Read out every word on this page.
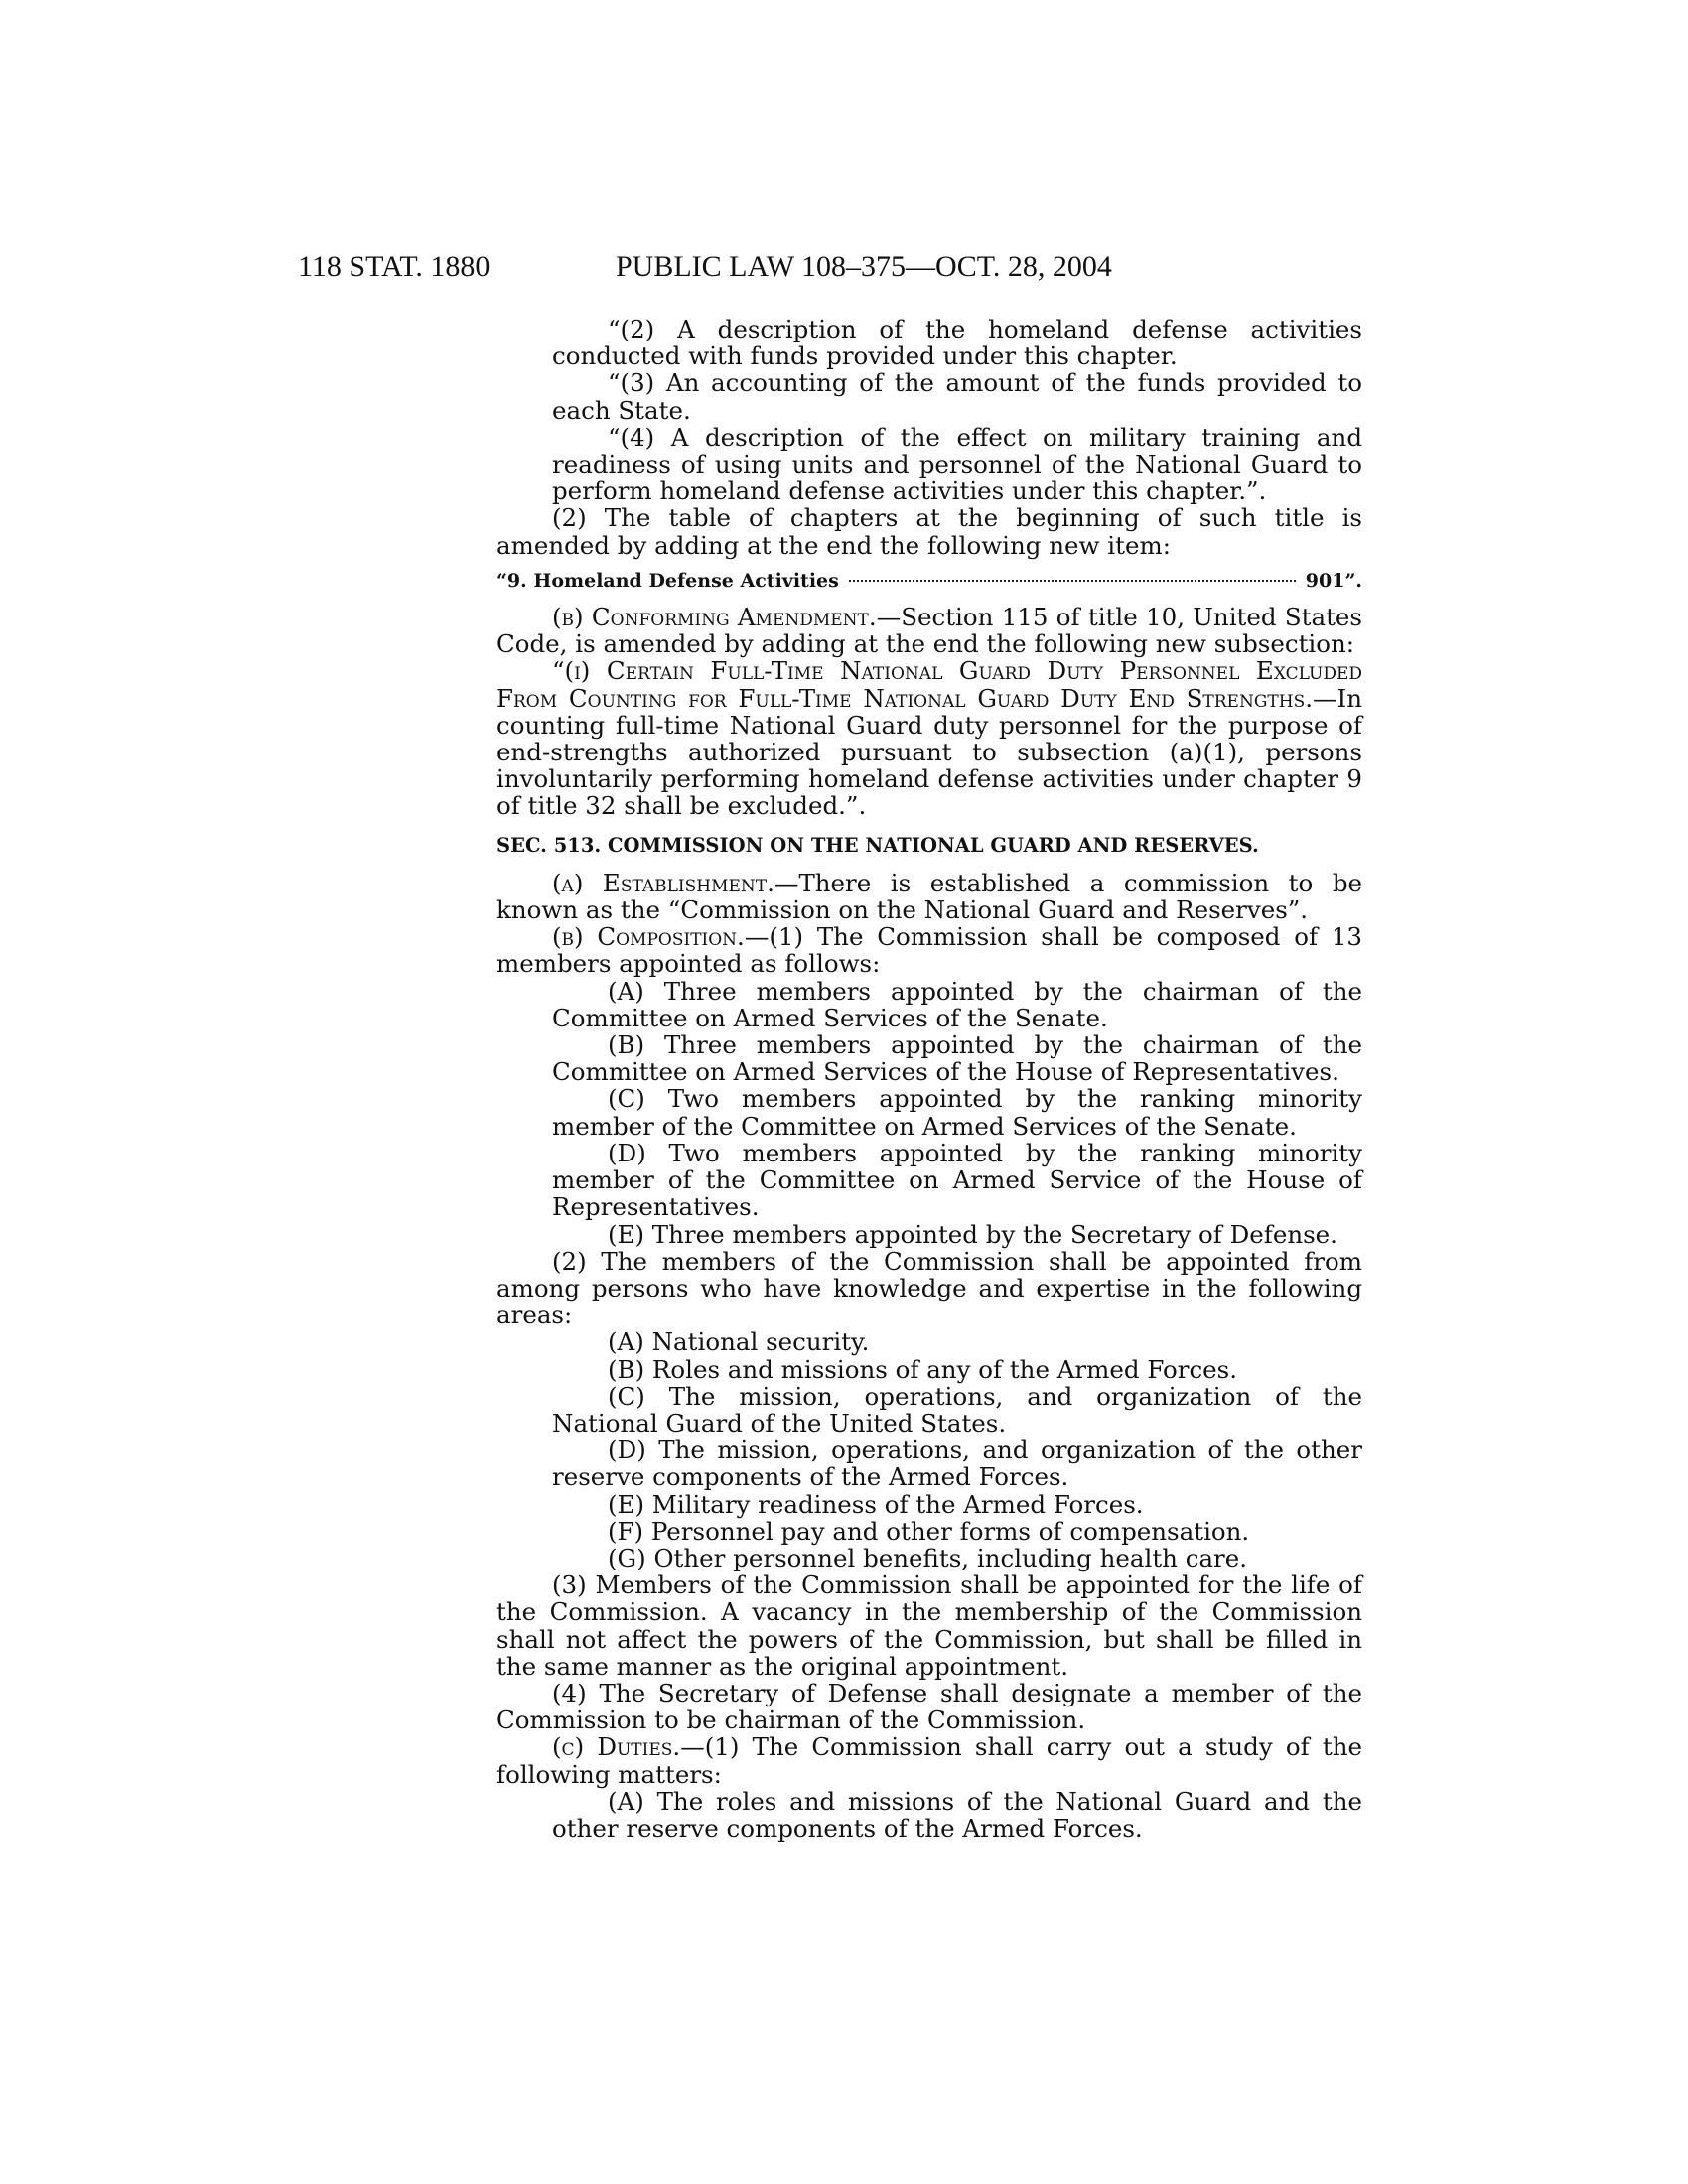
118 STAT. 1880	PUBLIC LAW 108–375—OCT. 28, 2004

“(2) A description of the homeland defense activities conducted with funds provided under this chapter.

“(3) An accounting of the amount of the funds provided to each State.

“(4) A description of the effect on military training and readiness of using units and personnel of the National Guard to perform homeland defense activities under this chapter.”.

(2) The table of chapters at the beginning of such title is amended by adding at the end the following new item:

“9. Homeland Defense Activities	901”.

(b) Conforming Amendment.—Section 115 of title 10, United States Code, is amended by adding at the end the following new subsection:

“(i) Certain Full-Time National Guard Duty Personnel Excluded From Counting for Full-Time National Guard Duty End Strengths.—In counting full-time National Guard duty personnel for the purpose of end-strengths authorized pursuant to subsection (a)(1), persons involuntarily performing homeland defense activities under chapter 9 of title 32 shall be excluded.”.

SEC. 513. COMMISSION ON THE NATIONAL GUARD AND RESERVES.

(a) Establishment.—There is established a commission to be known as the “Commission on the National Guard and Reserves”.

(b) Composition.—(1) The Commission shall be composed of 13 members appointed as follows:

(A) Three members appointed by the chairman of the Committee on Armed Services of the Senate.

(B) Three members appointed by the chairman of the Committee on Armed Services of the House of Representatives.

(C) Two members appointed by the ranking minority member of the Committee on Armed Services of the Senate.

(D) Two members appointed by the ranking minority member of the Committee on Armed Service of the House of Representatives.

(E) Three members appointed by the Secretary of Defense.

(2) The members of the Commission shall be appointed from among persons who have knowledge and expertise in the following areas:

(A) National security.

(B) Roles and missions of any of the Armed Forces.

(C) The mission, operations, and organization of the National Guard of the United States.

(D) The mission, operations, and organization of the other reserve components of the Armed Forces.

(E) Military readiness of the Armed Forces.

(F) Personnel pay and other forms of compensation.

(G) Other personnel benefits, including health care.

(3) Members of the Commission shall be appointed for the life of the Commission. A vacancy in the membership of the Commission shall not affect the powers of the Commission, but shall be filled in the same manner as the original appointment.

(4) The Secretary of Defense shall designate a member of the Commission to be chairman of the Commission.

(c) Duties.—(1) The Commission shall carry out a study of the following matters:

(A) The roles and missions of the National Guard and the other reserve components of the Armed Forces.
